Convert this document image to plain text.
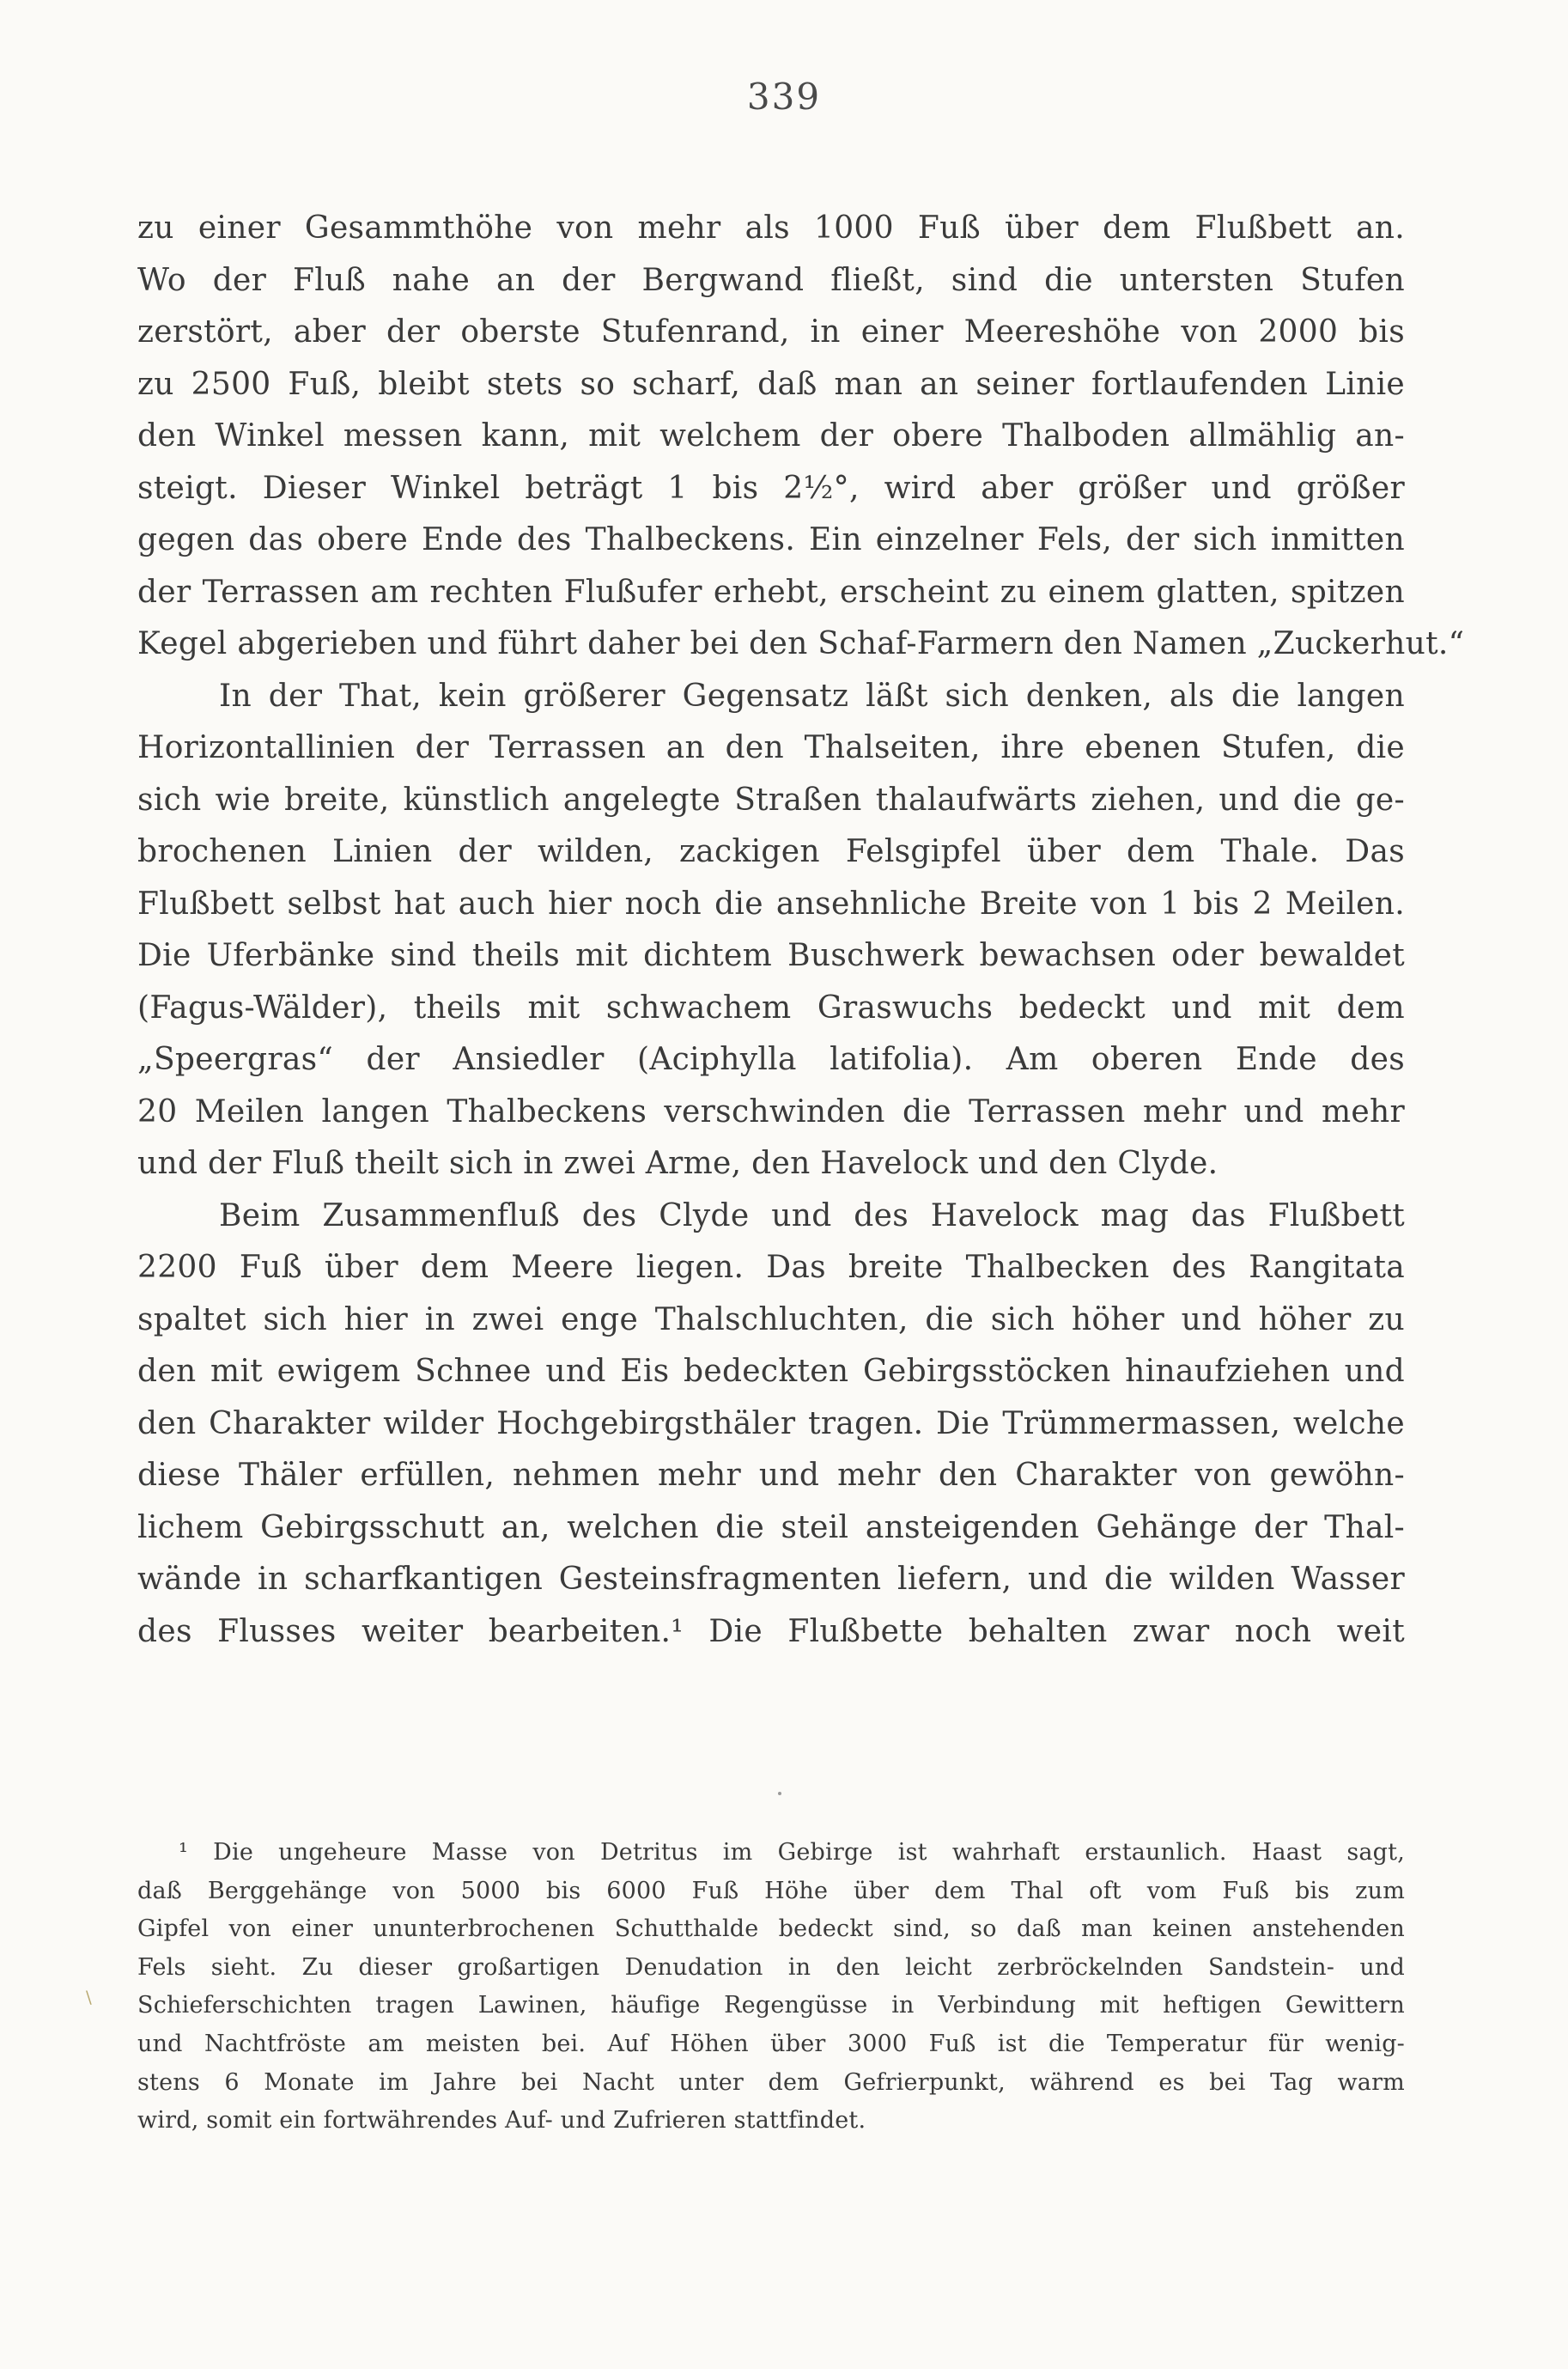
339
zu einer Gesammthöhe von mehr als 1000 Fuß über dem Flußbett an.
Wo der Fluß nahe an der Bergwand fließt, sind die untersten Stufen
zerstört, aber der oberste Stufenrand, in einer Meereshöhe von 2000 bis
zu 2500 Fuß, bleibt stets so scharf, daß man an seiner fortlaufenden Linie
den Winkel messen kann, mit welchem der obere Thalboden allmählig an-
steigt. Dieser Winkel beträgt 1 bis 2½°, wird aber größer und größer
gegen das obere Ende des Thalbeckens. Ein einzelner Fels, der sich inmitten
der Terrassen am rechten Flußufer erhebt, erscheint zu einem glatten, spitzen
Kegel abgerieben und führt daher bei den Schaf-Farmern den Namen „Zuckerhut.“
In der That, kein größerer Gegensatz läßt sich denken, als die langen
Horizontallinien der Terrassen an den Thalseiten, ihre ebenen Stufen, die
sich wie breite, künstlich angelegte Straßen thalaufwärts ziehen, und die ge-
brochenen Linien der wilden, zackigen Felsgipfel über dem Thale. Das
Flußbett selbst hat auch hier noch die ansehnliche Breite von 1 bis 2 Meilen.
Die Uferbänke sind theils mit dichtem Buschwerk bewachsen oder bewaldet
(Fagus-Wälder), theils mit schwachem Graswuchs bedeckt und mit dem
„Speergras“ der Ansiedler (Aciphylla latifolia). Am oberen Ende des
20 Meilen langen Thalbeckens verschwinden die Terrassen mehr und mehr
und der Fluß theilt sich in zwei Arme, den Havelock und den Clyde.
Beim Zusammenfluß des Clyde und des Havelock mag das Flußbett
2200 Fuß über dem Meere liegen. Das breite Thalbecken des Rangitata
spaltet sich hier in zwei enge Thalschluchten, die sich höher und höher zu
den mit ewigem Schnee und Eis bedeckten Gebirgsstöcken hinaufziehen und
den Charakter wilder Hochgebirgsthäler tragen. Die Trümmermassen, welche
diese Thäler erfüllen, nehmen mehr und mehr den Charakter von gewöhn-
lichem Gebirgsschutt an, welchen die steil ansteigenden Gehänge der Thal-
wände in scharfkantigen Gesteinsfragmenten liefern, und die wilden Wasser
des Flusses weiter bearbeiten.¹ Die Flußbette behalten zwar noch weit
¹ Die ungeheure Masse von Detritus im Gebirge ist wahrhaft erstaunlich. Haast sagt,
daß Berggehänge von 5000 bis 6000 Fuß Höhe über dem Thal oft vom Fuß bis zum
Gipfel von einer ununterbrochenen Schutthalde bedeckt sind, so daß man keinen anstehenden
Fels sieht. Zu dieser großartigen Denudation in den leicht zerbröckelnden Sandstein- und
Schieferschichten tragen Lawinen, häufige Regengüsse in Verbindung mit heftigen Gewittern
und Nachtfröste am meisten bei. Auf Höhen über 3000 Fuß ist die Temperatur für wenig-
stens 6 Monate im Jahre bei Nacht unter dem Gefrierpunkt, während es bei Tag warm
wird, somit ein fortwährendes Auf- und Zufrieren stattfindet.
\
